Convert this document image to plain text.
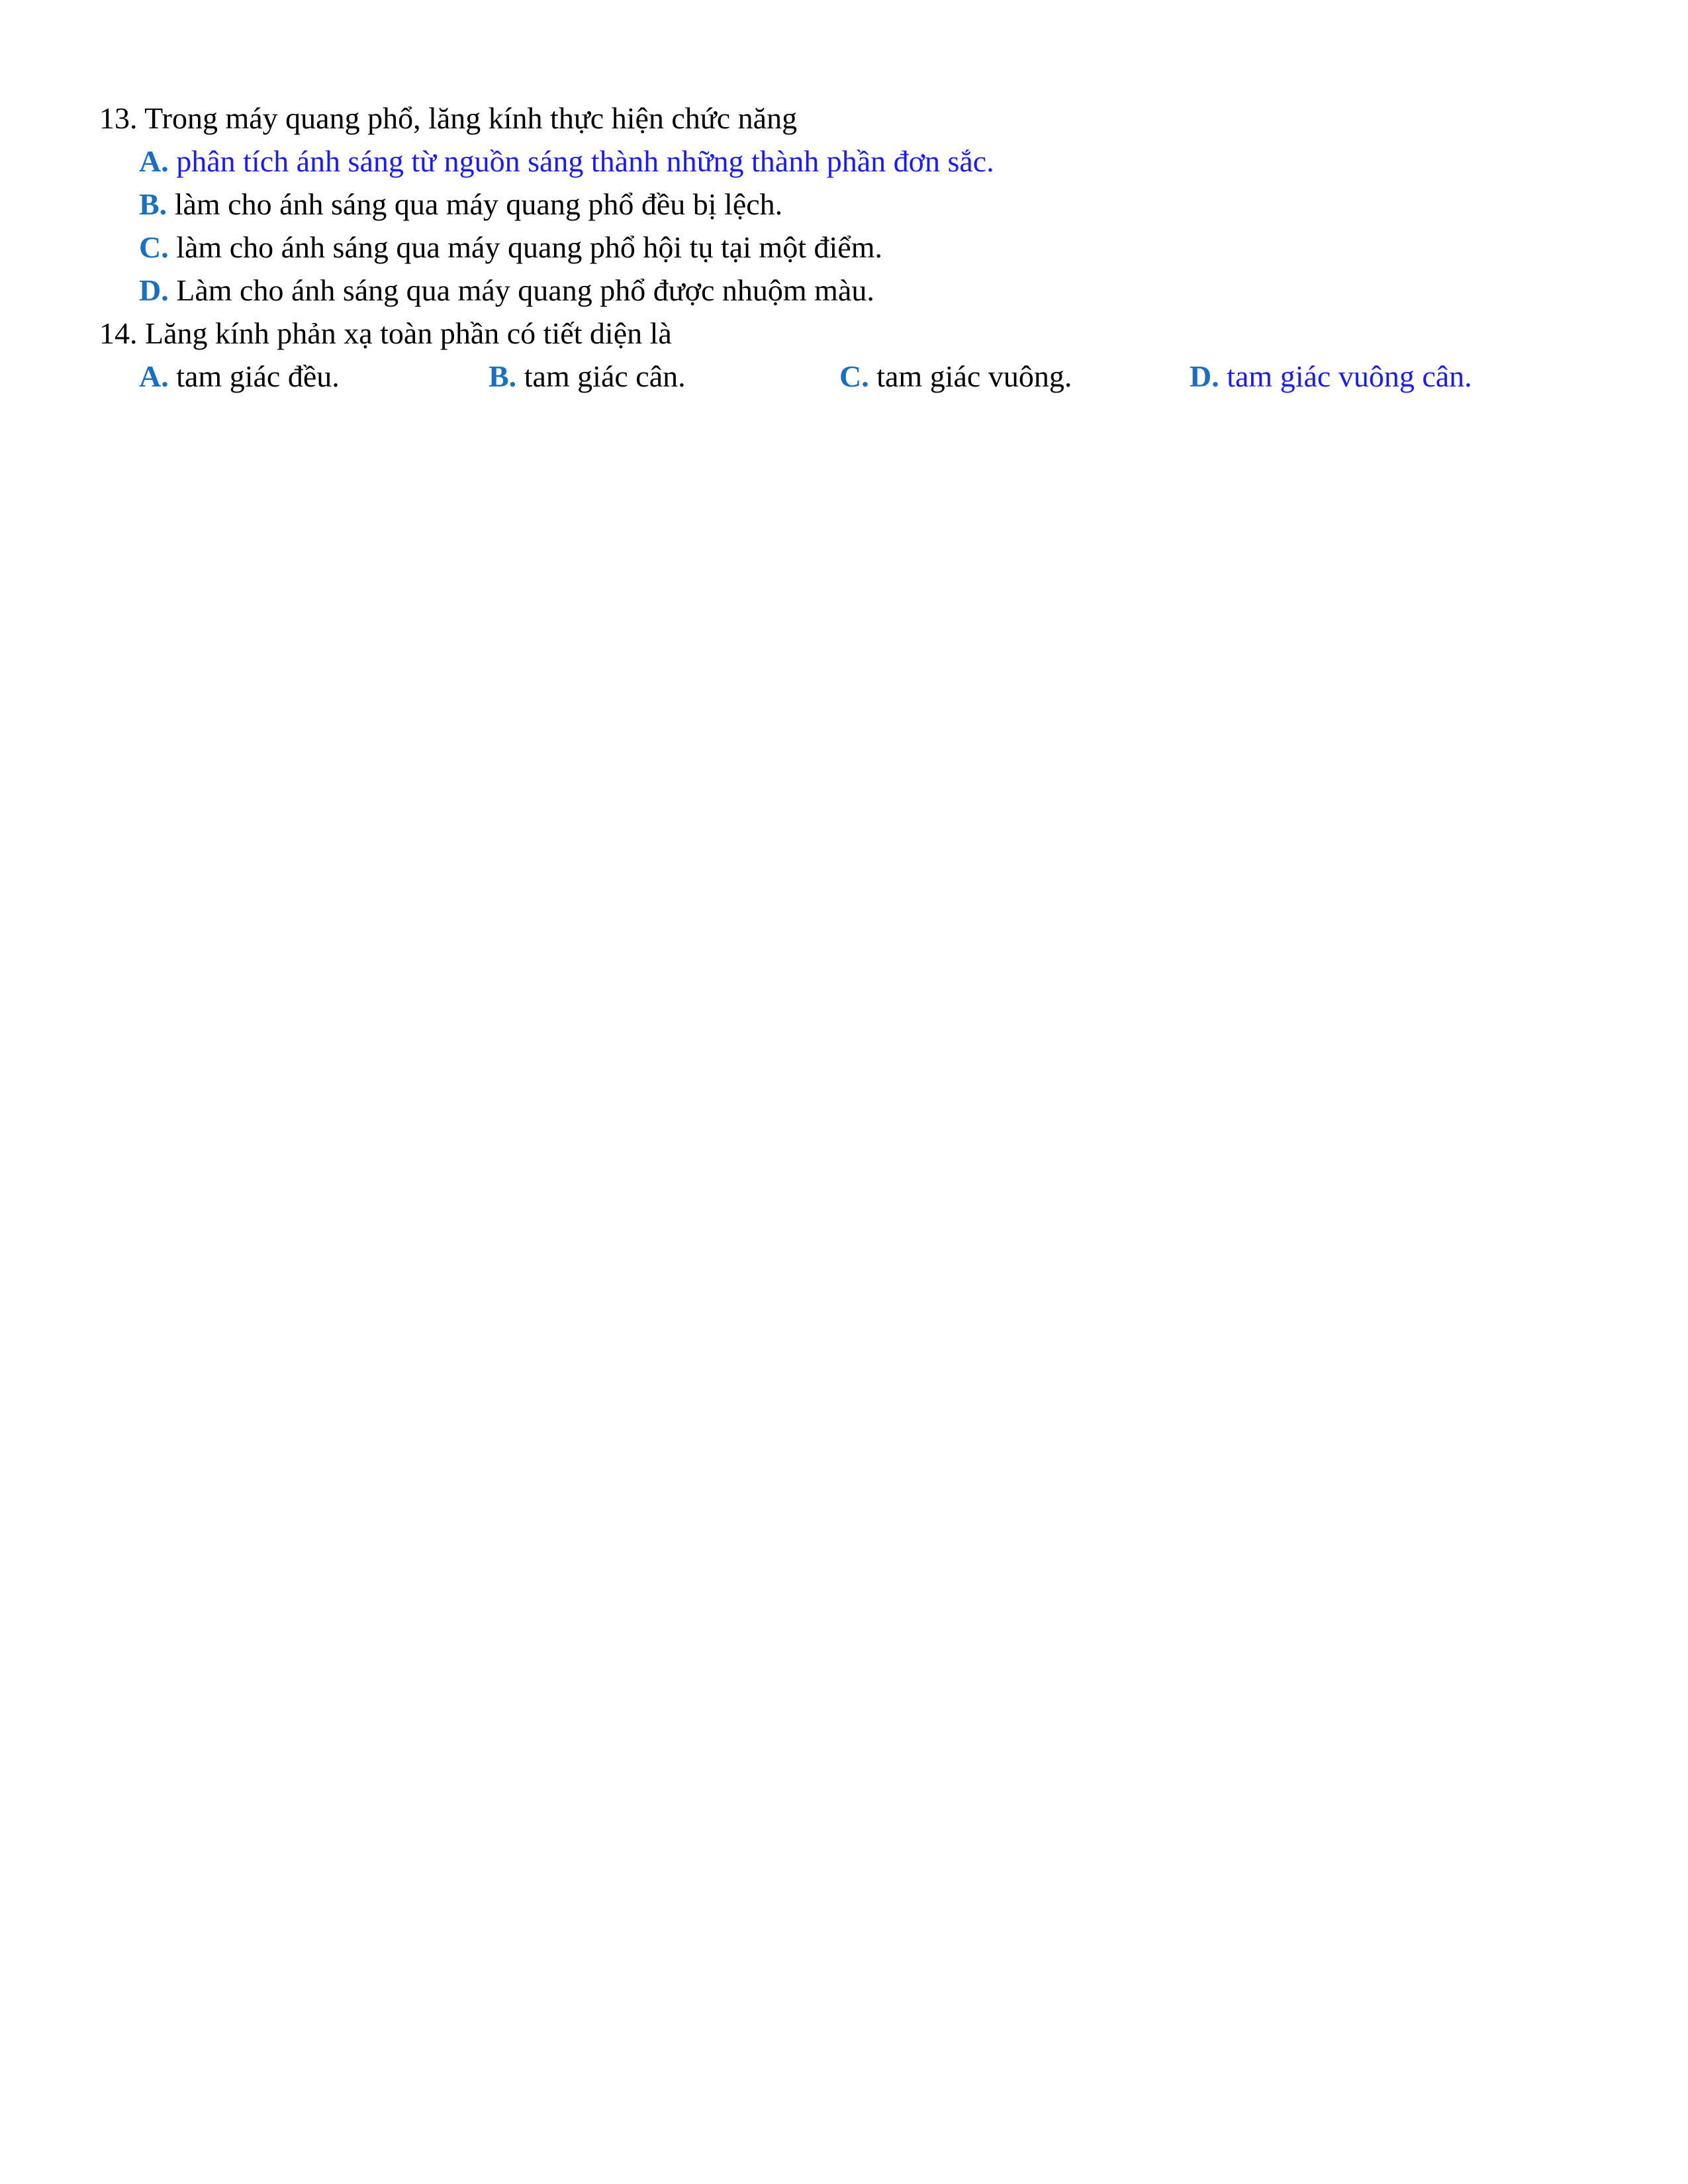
13. Trong máy quang phổ, lăng kính thực hiện chức năng
A. phân tích ánh sáng từ nguồn sáng thành những thành phần đơn sắc.
B. làm cho ánh sáng qua máy quang phổ đều bị lệch.
C. làm cho ánh sáng qua máy quang phổ hội tụ tại một điểm.
D. Làm cho ánh sáng qua máy quang phổ được nhuộm màu.
14. Lăng kính phản xạ toàn phần có tiết diện là
A. tam giác đều.	B. tam giác cân.	C. tam giác vuông.	D. tam giác vuông cân.
